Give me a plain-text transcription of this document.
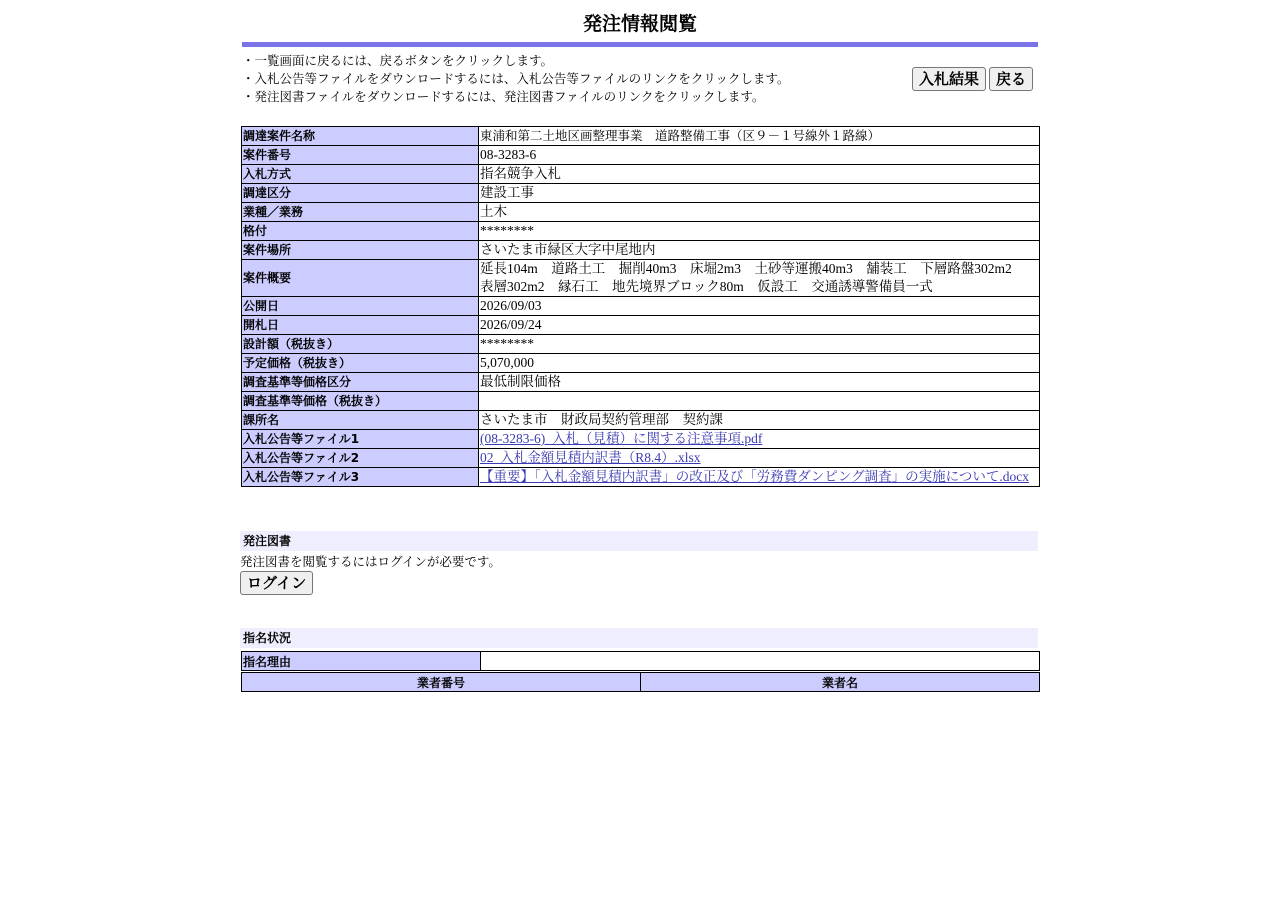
発注情報閲覧
・一覧画面に戻るには、戻るボタンをクリックします。
・入札公告等ファイルをダウンロードするには、入札公告等ファイルのリンクをクリックします。
・発注図書ファイルをダウンロードするには、発注図書ファイルのリンクをクリックします。
入札結果	戻る
調達案件名称	東浦和第二土地区画整理事業　道路整備工事（区９－１号線外１路線）
案件番号	08-3283-6
入札方式	指名競争入札
調達区分	建設工事
業種／業務	土木
格付	********
案件場所	さいたま市緑区大字中尾地内
案件概要	延長104m　道路土工　掘削40m3　床堀2m3　土砂等運搬40m3　舗装工　下層路盤302m2　表層302m2　縁石工　地先境界ブロック80m　仮設工　交通誘導警備員一式
公開日	2026/09/03
開札日	2026/09/24
設計額（税抜き）	********
予定価格（税抜き）	5,070,000
調査基準等価格区分	最低制限価格
調査基準等価格（税抜き）	
課所名	さいたま市　財政局契約管理部　契約課
入札公告等ファイル1	(08-3283-6)_入札（見積）に関する注意事項.pdf
入札公告等ファイル2	02_入札金額見積内訳書（R8.4）.xlsx
入札公告等ファイル3	【重要】「入札金額見積内訳書」の改正及び「労務費ダンピング調査」の実施について.docx
発注図書
発注図書を閲覧するにはログインが必要です。
ログイン
指名状況
指名理由	
業者番号	業者名
